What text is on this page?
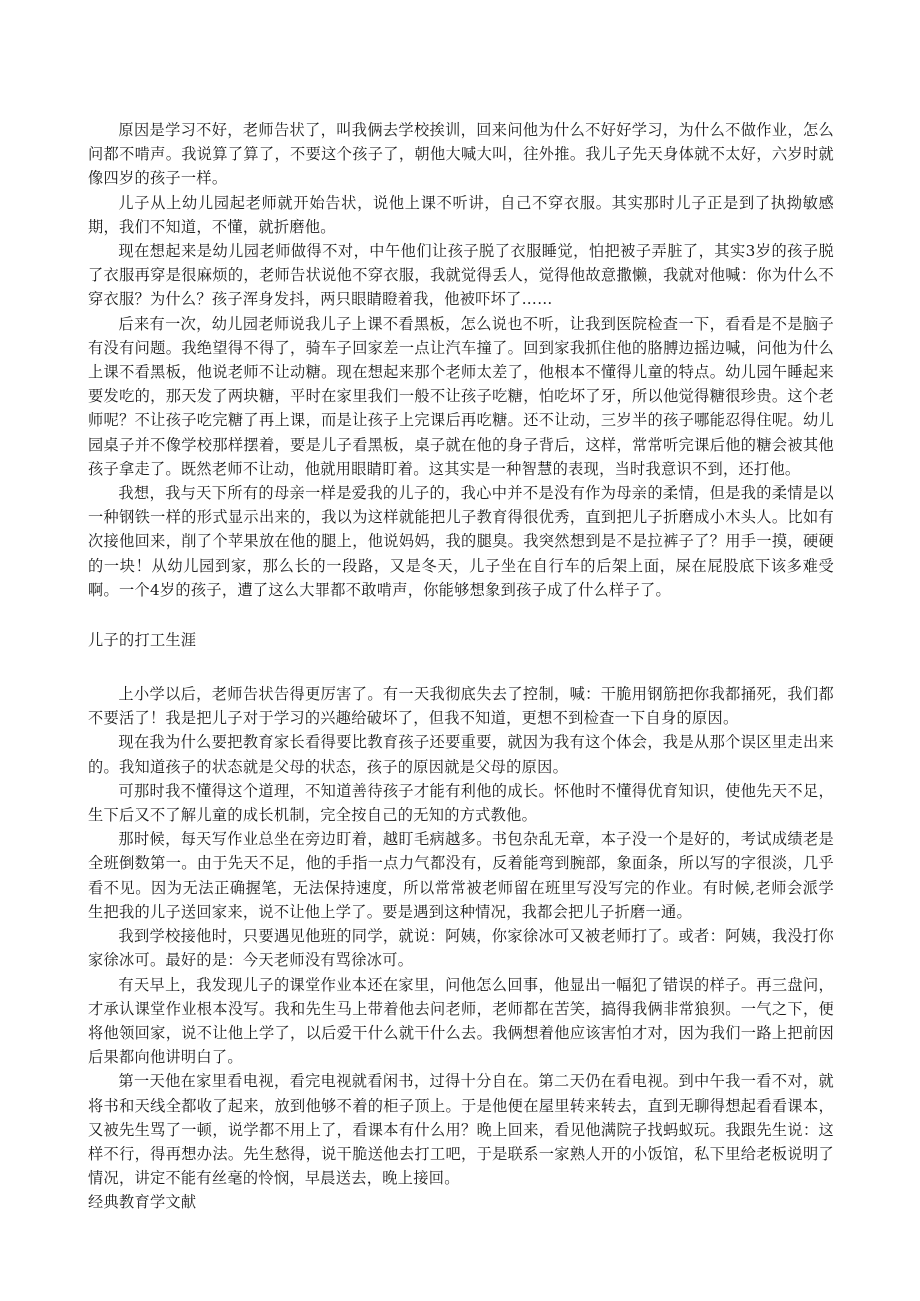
原因是学习不好，老师告状了，叫我俩去学校挨训，回来问他为什么不好好学习，为什么不做作业，怎么问都不啃声。我说算了算了，不要这个孩子了，朝他大喊大叫，往外推。我儿子先天身体就不太好，六岁时就像四岁的孩子一样。

儿子从上幼儿园起老师就开始告状，说他上课不听讲，自己不穿衣服。其实那时儿子正是到了执拗敏感期，我们不知道，不懂，就折磨他。

现在想起来是幼儿园老师做得不对，中午他们让孩子脱了衣服睡觉，怕把被子弄脏了，其实3岁的孩子脱了衣服再穿是很麻烦的，老师告状说他不穿衣服，我就觉得丢人，觉得他故意撒懒，我就对他喊：你为什么不穿衣服？为什么？孩子浑身发抖，两只眼睛瞪着我，他被吓坏了……

后来有一次，幼儿园老师说我儿子上课不看黑板，怎么说也不听，让我到医院检查一下，看看是不是脑子有没有问题。我绝望得不得了，骑车子回家差一点让汽车撞了。回到家我抓住他的胳膊边摇边喊，问他为什么上课不看黑板，他说老师不让动糖。现在想起来那个老师太差了，他根本不懂得儿童的特点。幼儿园午睡起来要发吃的，那天发了两块糖，平时在家里我们一般不让孩子吃糖，怕吃坏了牙，所以他觉得糖很珍贵。这个老师呢？不让孩子吃完糖了再上课，而是让孩子上完课后再吃糖。还不让动，三岁半的孩子哪能忍得住呢。幼儿园桌子并不像学校那样摆着，要是儿子看黑板，桌子就在他的身子背后，这样，常常听完课后他的糖会被其他孩子拿走了。既然老师不让动，他就用眼睛盯着。这其实是一种智慧的表现，当时我意识不到，还打他。

我想，我与天下所有的母亲一样是爱我的儿子的，我心中并不是没有作为母亲的柔情，但是我的柔情是以一种钢铁一样的形式显示出来的，我以为这样就能把儿子教育得很优秀，直到把儿子折磨成小木头人。比如有次接他回来，削了个苹果放在他的腿上，他说妈妈，我的腿臭。我突然想到是不是拉裤子了？用手一摸，硬硬的一块！从幼儿园到家，那么长的一段路，又是冬天，儿子坐在自行车的后架上面，屎在屁股底下该多难受啊。一个4岁的孩子，遭了这么大罪都不敢啃声，你能够想象到孩子成了什么样子了。

儿子的打工生涯

上小学以后，老师告状告得更厉害了。有一天我彻底失去了控制，喊：干脆用钢筋把你我都捅死，我们都不要活了！我是把儿子对于学习的兴趣给破坏了，但我不知道，更想不到检查一下自身的原因。

现在我为什么要把教育家长看得要比教育孩子还要重要，就因为我有这个体会，我是从那个误区里走出来的。我知道孩子的状态就是父母的状态，孩子的原因就是父母的原因。

可那时我不懂得这个道理，不知道善待孩子才能有利他的成长。怀他时不懂得优育知识，使他先天不足，生下后又不了解儿童的成长机制，完全按自己的无知的方式教他。

那时候，每天写作业总坐在旁边盯着，越盯毛病越多。书包杂乱无章，本子没一个是好的，考试成绩老是全班倒数第一。由于先天不足，他的手指一点力气都没有，反着能弯到腕部，象面条，所以写的字很淡，几乎看不见。因为无法正确握笔，无法保持速度，所以常常被老师留在班里写没写完的作业。有时候,老师会派学生把我的儿子送回家来，说不让他上学了。要是遇到这种情况，我都会把儿子折磨一通。

我到学校接他时，只要遇见他班的同学，就说：阿姨，你家徐冰可又被老师打了。或者：阿姨，我没打你家徐冰可。最好的是：今天老师没有骂徐冰可。

有天早上，我发现儿子的课堂作业本还在家里，问他怎么回事，他显出一幅犯了错误的样子。再三盘问，才承认课堂作业根本没写。我和先生马上带着他去问老师，老师都在苦笑，搞得我俩非常狼狈。一气之下，便将他领回家，说不让他上学了，以后爱干什么就干什么去。我俩想着他应该害怕才对，因为我们一路上把前因后果都向他讲明白了。

第一天他在家里看电视，看完电视就看闲书，过得十分自在。第二天仍在看电视。到中午我一看不对，就将书和天线全都收了起来，放到他够不着的柜子顶上。于是他便在屋里转来转去，直到无聊得想起看看课本，又被先生骂了一顿，说学都不用上了，看课本有什么用？晚上回来，看见他满院子找蚂蚁玩。我跟先生说：这样不行，得再想办法。先生愁得，说干脆送他去打工吧，于是联系一家熟人开的小饭馆，私下里给老板说明了情况，讲定不能有丝毫的怜悯，早晨送去，晚上接回。

经典教育学文献
